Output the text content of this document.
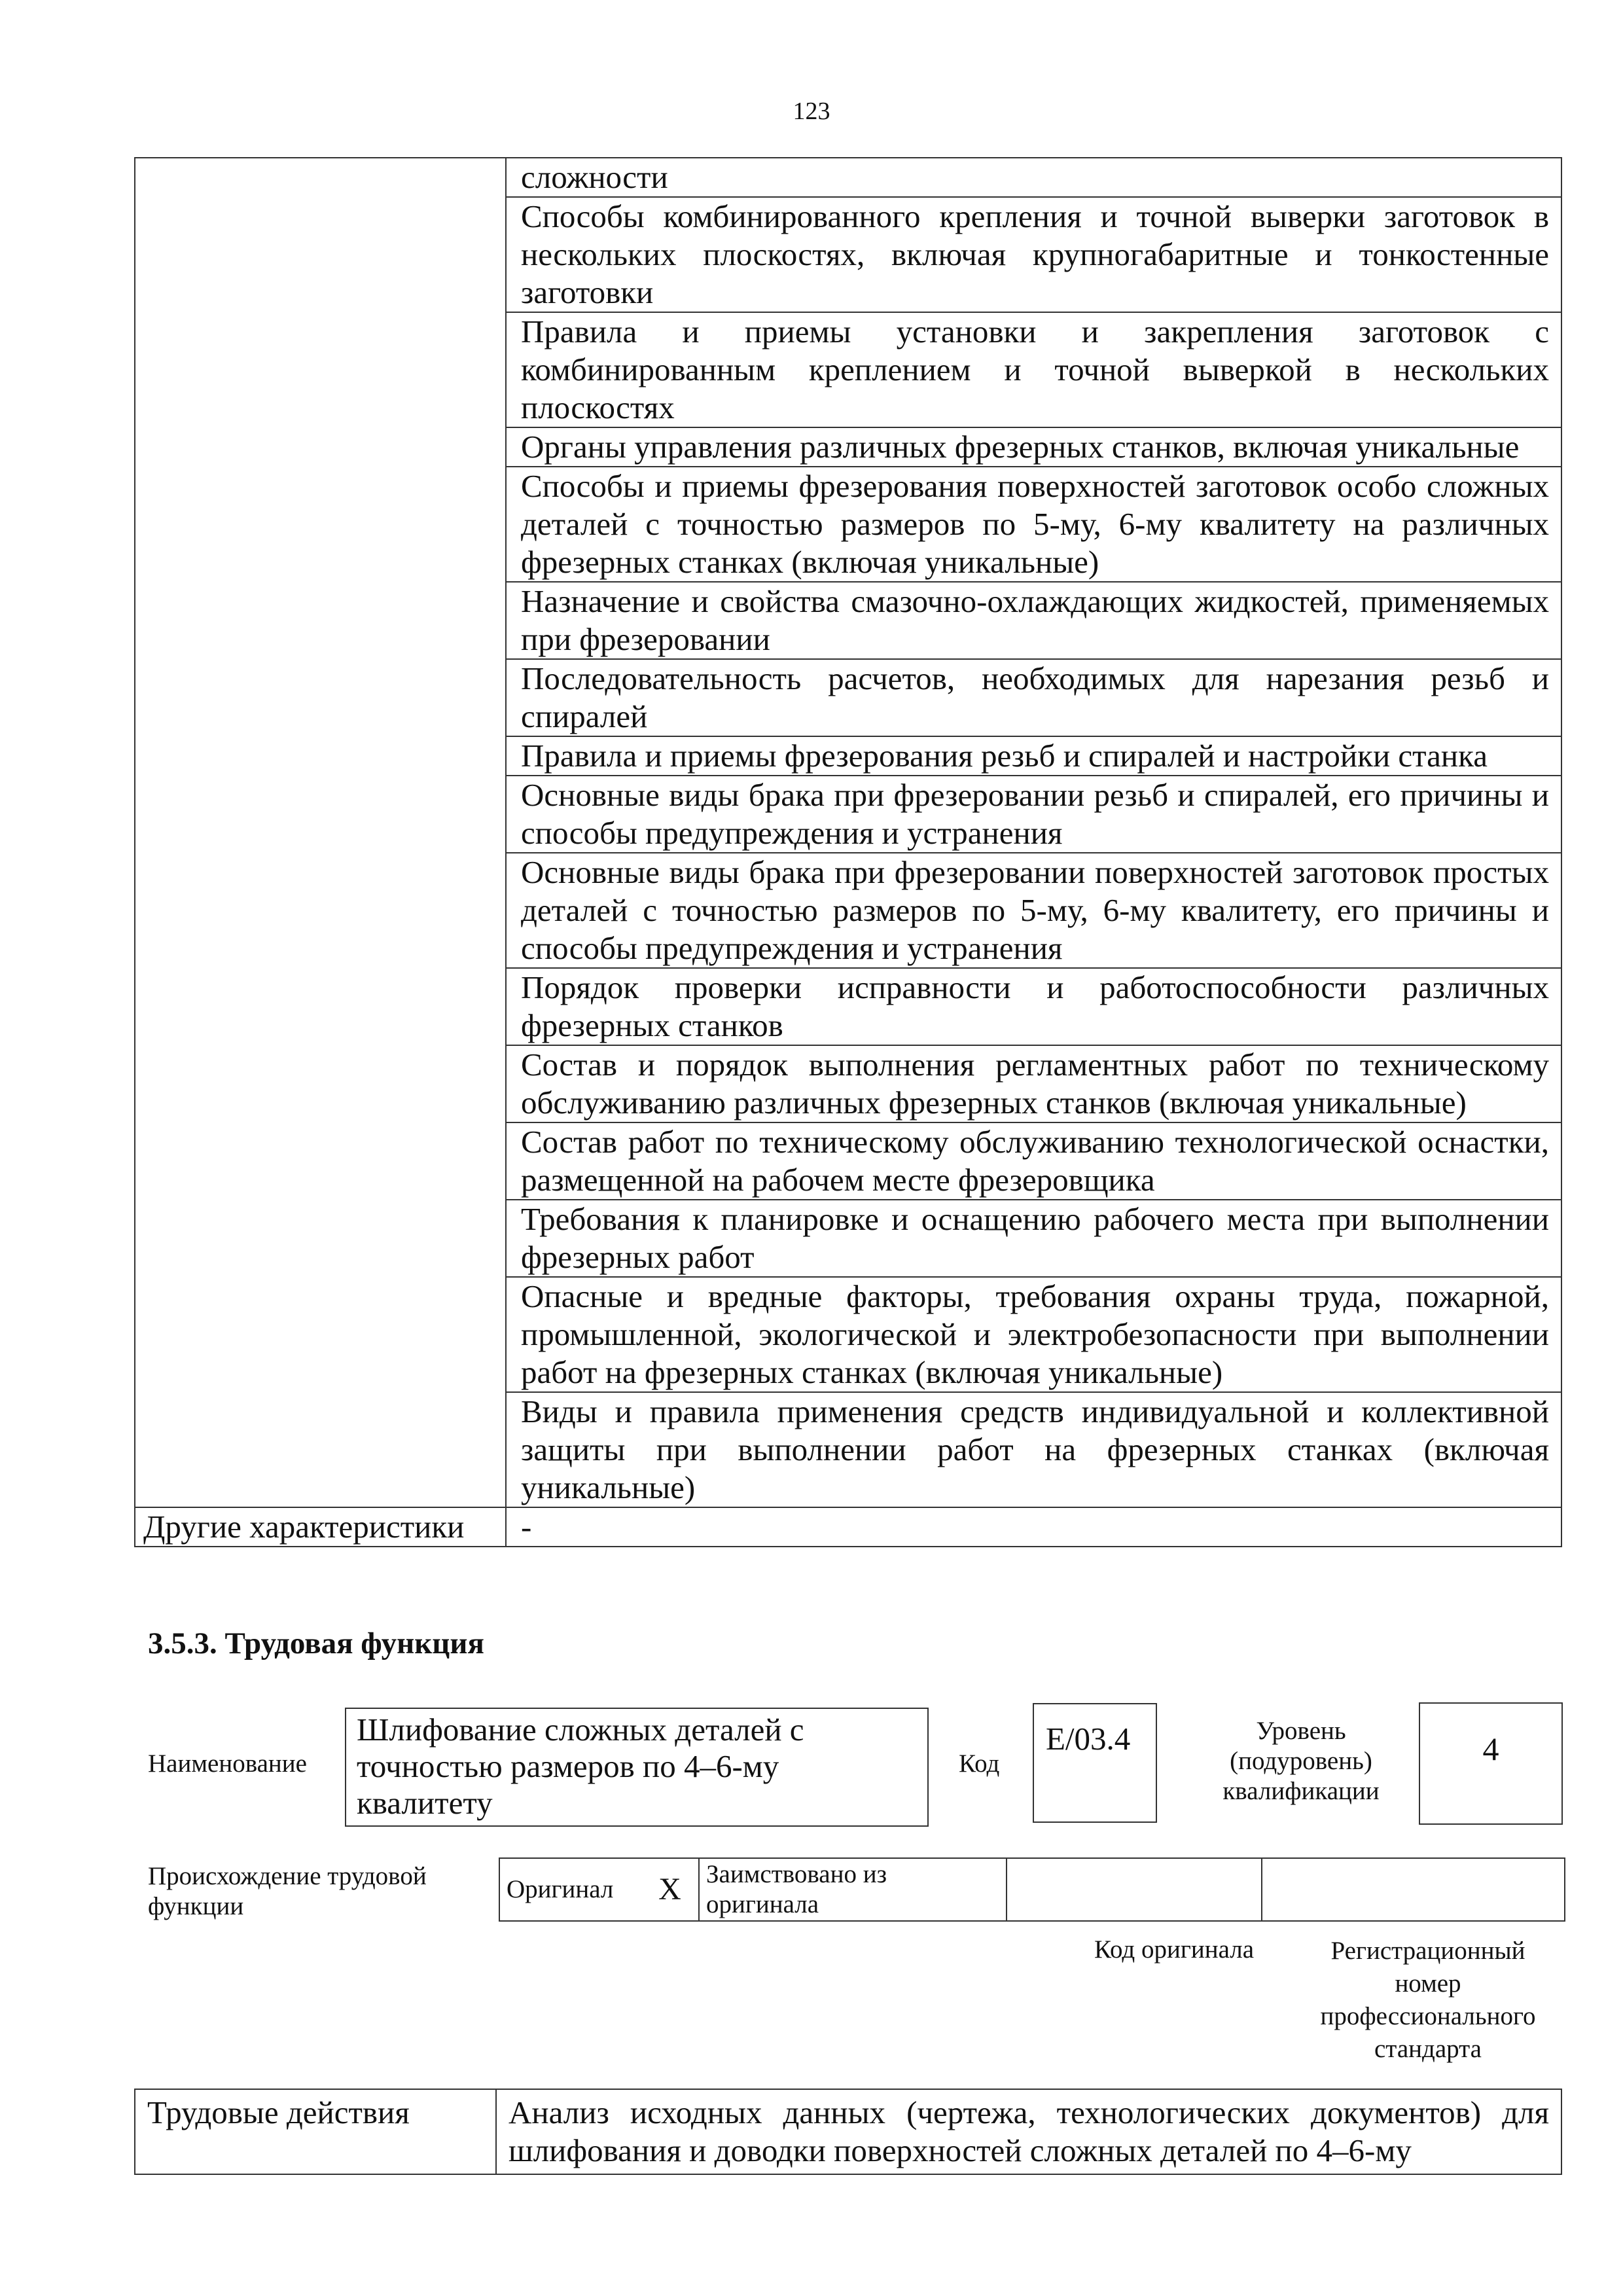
123
	сложности
	Способы комбинированного крепления и точной выверки заготовок в нескольких плоскостях, включая крупногабаритные и тонкостенные заготовки
	Правила и приемы установки и закрепления заготовок с комбинированным креплением и точной выверкой в нескольких плоскостях
	Органы управления различных фрезерных станков, включая уникальные
	Способы и приемы фрезерования поверхностей заготовок особо сложных деталей с точностью размеров по 5-му, 6-му квалитету на различных фрезерных станках (включая уникальные)
	Назначение и свойства смазочно-охлаждающих жидкостей, применяемых при фрезеровании
	Последовательность расчетов, необходимых для нарезания резьб и спиралей
	Правила и приемы фрезерования резьб и спиралей и настройки станка
	Основные виды брака при фрезеровании резьб и спиралей, его причины и способы предупреждения и устранения
	Основные виды брака при фрезеровании поверхностей заготовок простых деталей с точностью размеров по 5-му, 6-му квалитету, его причины и способы предупреждения и устранения
	Порядок проверки исправности и работоспособности различных фрезерных станков
	Состав и порядок выполнения регламентных работ по техническому обслуживанию различных фрезерных станков (включая уникальные)
	Состав работ по техническому обслуживанию технологической оснастки, размещенной на рабочем месте фрезеровщика
	Требования к планировке и оснащению рабочего места при выполнении фрезерных работ
	Опасные и вредные факторы, требования охраны труда, пожарной, промышленной, экологической и электробезопасности при выполнении работ на фрезерных станках (включая уникальные)
	Виды и правила применения средств индивидуальной и коллективной защиты при выполнении работ на фрезерных станках (включая уникальные)
Другие характеристики	-
3.5.3. Трудовая функция
Наименование
Шлифование сложных деталей с точностью размеров по 4–6-му квалитету
Код
E/03.4	Уровень (подуровень) квалификации
4
Происхождение трудовой функции
Оригинал	X	Заимствовано из оригинала		
Код оригинала	Регистрационный номер профессионального стандарта
Трудовые действия	Анализ исходных данных (чертежа, технологических документов) для шлифования и доводки поверхностей сложных деталей по 4–6-му
